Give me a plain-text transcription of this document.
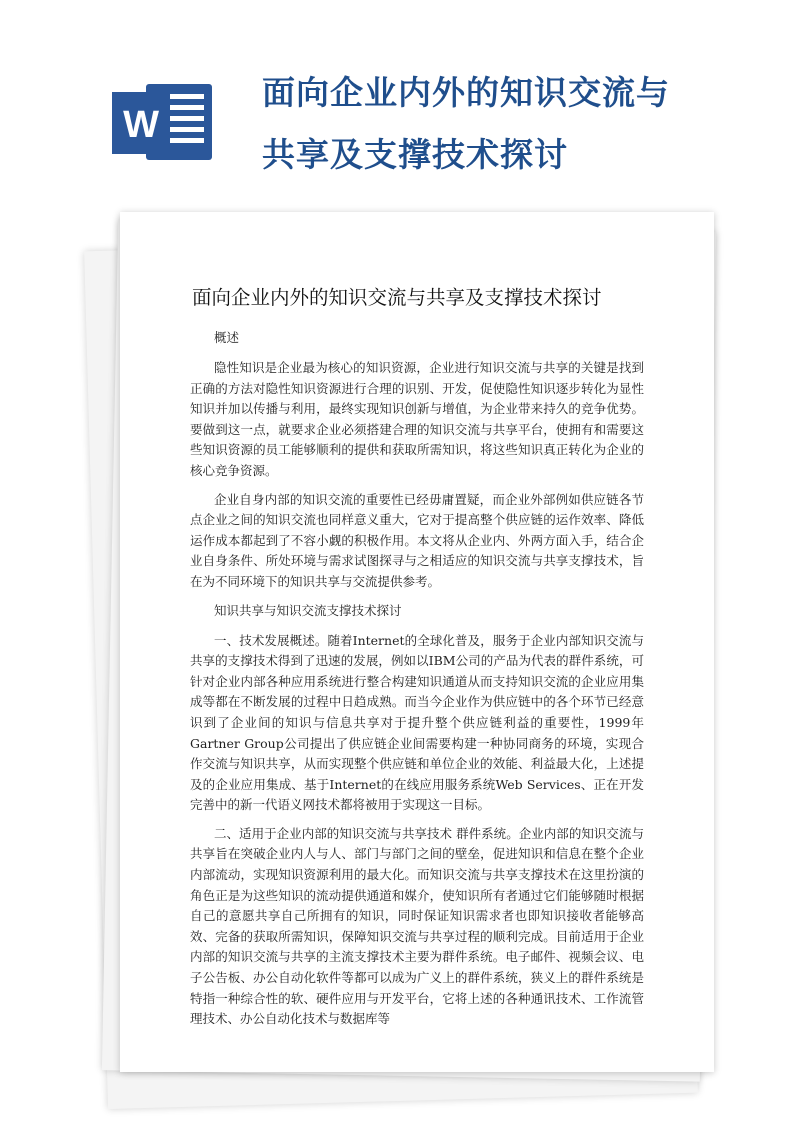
W
面向企业内外的知识交流与共享及支撑技术探讨
面向企业内外的知识交流与共享及支撑技术探讨

概述

隐性知识是企业最为核心的知识资源，企业进行知识交流与共享的关键是找到正确的方法对隐性知识资源进行合理的识别、开发，促使隐性知识逐步转化为显性知识并加以传播与利用，最终实现知识创新与增值，为企业带来持久的竞争优势。要做到这一点，就要求企业必须搭建合理的知识交流与共享平台，使拥有和需要这些知识资源的员工能够顺利的提供和获取所需知识，将这些知识真正转化为企业的核心竞争资源。

企业自身内部的知识交流的重要性已经毋庸置疑，而企业外部例如供应链各节点企业之间的知识交流也同样意义重大，它对于提高整个供应链的运作效率、降低运作成本都起到了不容小觑的积极作用。本文将从企业内、外两方面入手，结合企业自身条件、所处环境与需求试图探寻与之相适应的知识交流与共享支撑技术，旨在为不同环境下的知识共享与交流提供参考。

知识共享与知识交流支撑技术探讨

一、技术发展概述。随着Internet的全球化普及，服务于企业内部知识交流与共享的支撑技术得到了迅速的发展，例如以IBM公司的产品为代表的群件系统，可针对企业内部各种应用系统进行整合构建知识通道从而支持知识交流的企业应用集成等都在不断发展的过程中日趋成熟。而当今企业作为供应链中的各个环节已经意识到了企业间的知识与信息共享对于提升整个供应链利益的重要性，1999年Gartner Group公司提出了供应链企业间需要构建一种协同商务的环境，实现合作交流与知识共享，从而实现整个供应链和单位企业的效能、利益最大化，上述提及的企业应用集成、基于Internet的在线应用服务系统Web Services、正在开发完善中的新一代语义网技术都将被用于实现这一目标。

二、适用于企业内部的知识交流与共享技术 群件系统。企业内部的知识交流与共享旨在突破企业内人与人、部门与部门之间的壁垒，促进知识和信息在整个企业内部流动，实现知识资源利用的最大化。而知识交流与共享支撑技术在这里扮演的角色正是为这些知识的流动提供通道和媒介，使知识所有者通过它们能够随时根据自己的意愿共享自己所拥有的知识，同时保证知识需求者也即知识接收者能够高效、完备的获取所需知识，保障知识交流与共享过程的顺利完成。目前适用于企业内部的知识交流与共享的主流支撑技术主要为群件系统。电子邮件、视频会议、电子公告板、办公自动化软件等都可以成为广义上的群件系统，狭义上的群件系统是特指一种综合性的软、硬件应用与开发平台，它将上述的各种通讯技术、工作流管理技术、办公自动化技术与数据库等
